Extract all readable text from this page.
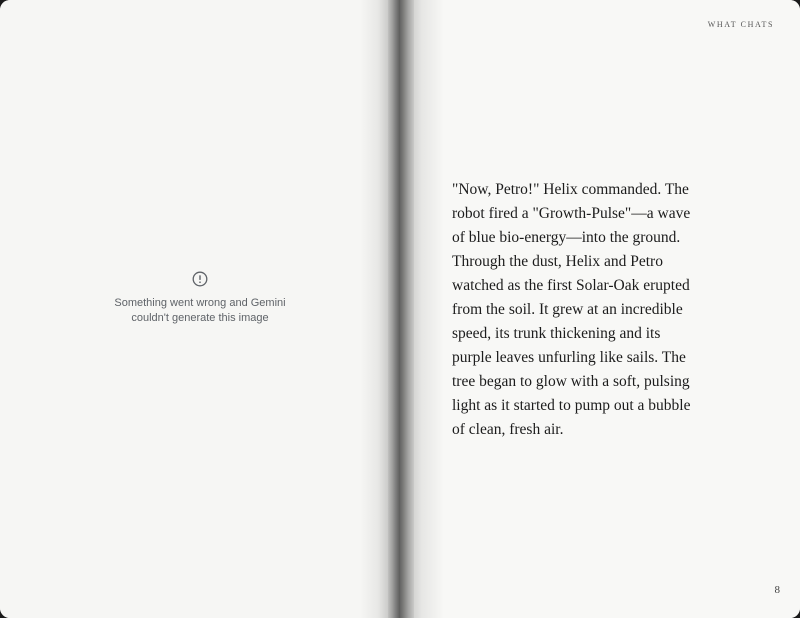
Something went wrong and Gemini
couldn't generate this image
WHAT CHATS

"Now, Petro!" Helix commanded. The
robot fired a "Growth-Pulse"—a wave
of blue bio-energy—into the ground.
Through the dust, Helix and Petro
watched as the first Solar-Oak erupted
from the soil. It grew at an incredible
speed, its trunk thickening and its
purple leaves unfurling like sails. The
tree began to glow with a soft, pulsing
light as it started to pump out a bubble
of clean, fresh air.

8
